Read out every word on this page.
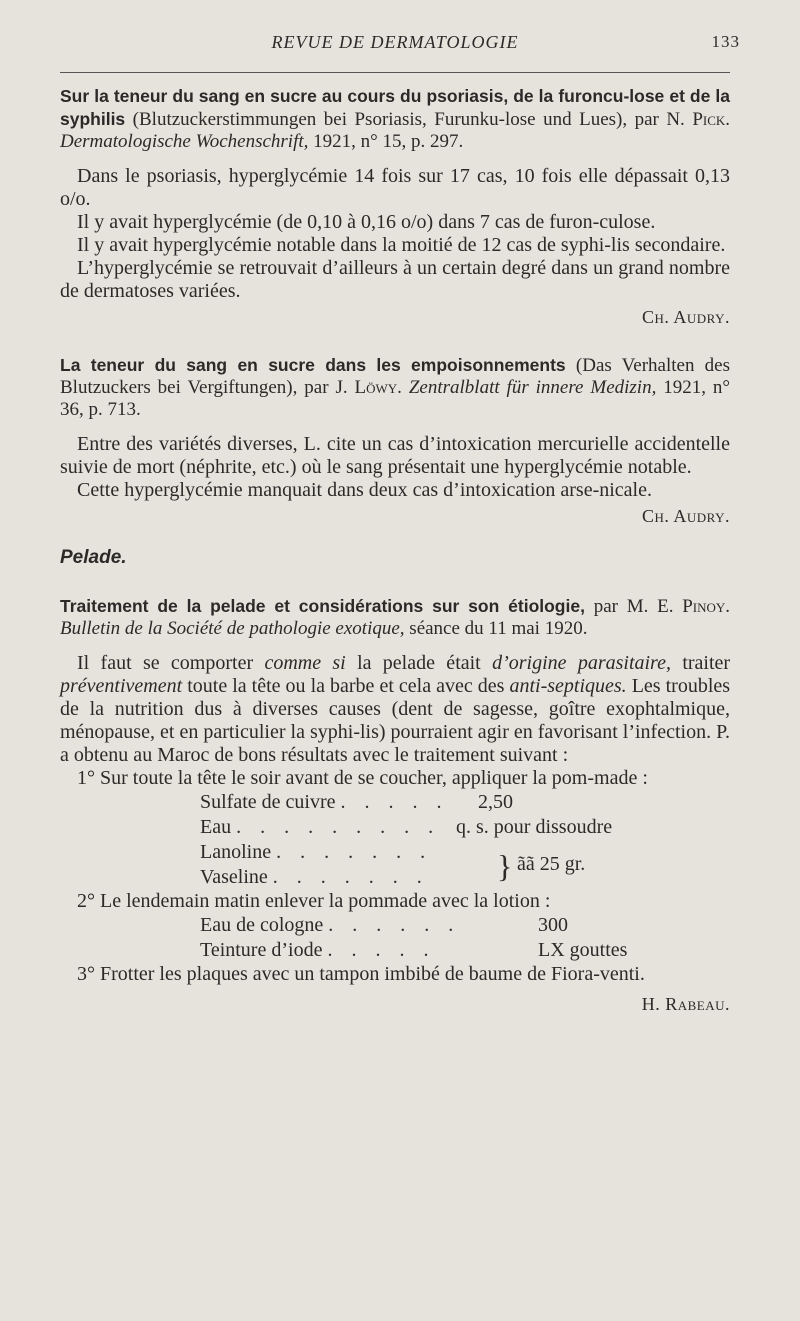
REVUE DE DERMATOLOGIE	133
Sur la teneur du sang en sucre au cours du psoriasis, de la furoncu-lose et de la syphilis (Blutzuckerstimmungen bei Psoriasis, Furunku-lose und Lues), par N. Pick. Dermatologische Wochenschrift, 1921, n° 15, p. 297.

Dans le psoriasis, hyperglycémie 14 fois sur 17 cas, 10 fois elle dépassait 0,13 o/o.

Il y avait hyperglycémie (de 0,10 à 0,16 o/o) dans 7 cas de furon-culose.

Il y avait hyperglycémie notable dans la moitié de 12 cas de syphi-lis secondaire.

L’hyperglycémie se retrouvait d’ailleurs à un certain degré dans un grand nombre de dermatoses variées.

Ch. Audry.
La teneur du sang en sucre dans les empoisonnements (Das Verhalten des Blutzuckers bei Vergiftungen), par J. Löwy. Zentralblatt für innere Medizin, 1921, n° 36, p. 713.

Entre des variétés diverses, L. cite un cas d’intoxication mercurielle accidentelle suivie de mort (néphrite, etc.) où le sang présentait une hyperglycémie notable.

Cette hyperglycémie manquait dans deux cas d’intoxication arse-nicale.

Ch. Audry.
Pelade.
Traitement de la pelade et considérations sur son étiologie, par M. E. Pinoy. Bulletin de la Société de pathologie exotique, séance du 11 mai 1920.

Il faut se comporter comme si la pelade était d’origine parasitaire, traiter préventivement toute la tête ou la barbe et cela avec des anti-septiques. Les troubles de la nutrition dus à diverses causes (dent de sagesse, goître exophtalmique, ménopause, et en particulier la syphi-lis) pourraient agir en favorisant l’infection. P. a obtenu au Maroc de bons résultats avec le traitement suivant :

1° Sur toute la tête le soir avant de se coucher, appliquer la pom-made :

Sulfate de cuivre . . . . . 2,50
Eau . . . . . . . . . q. s. pour dissoudre
Lanoline . . . . . . .
Vaseline . . . . . . . } ãã 25 gr.

2° Le lendemain matin enlever la pommade avec la lotion :

Eau de cologne . . . . . .	300
Teinture d’iode . . . . .	LX gouttes

3° Frotter les plaques avec un tampon imbibé de baume de Fiora-venti.

H. Rabeau.
